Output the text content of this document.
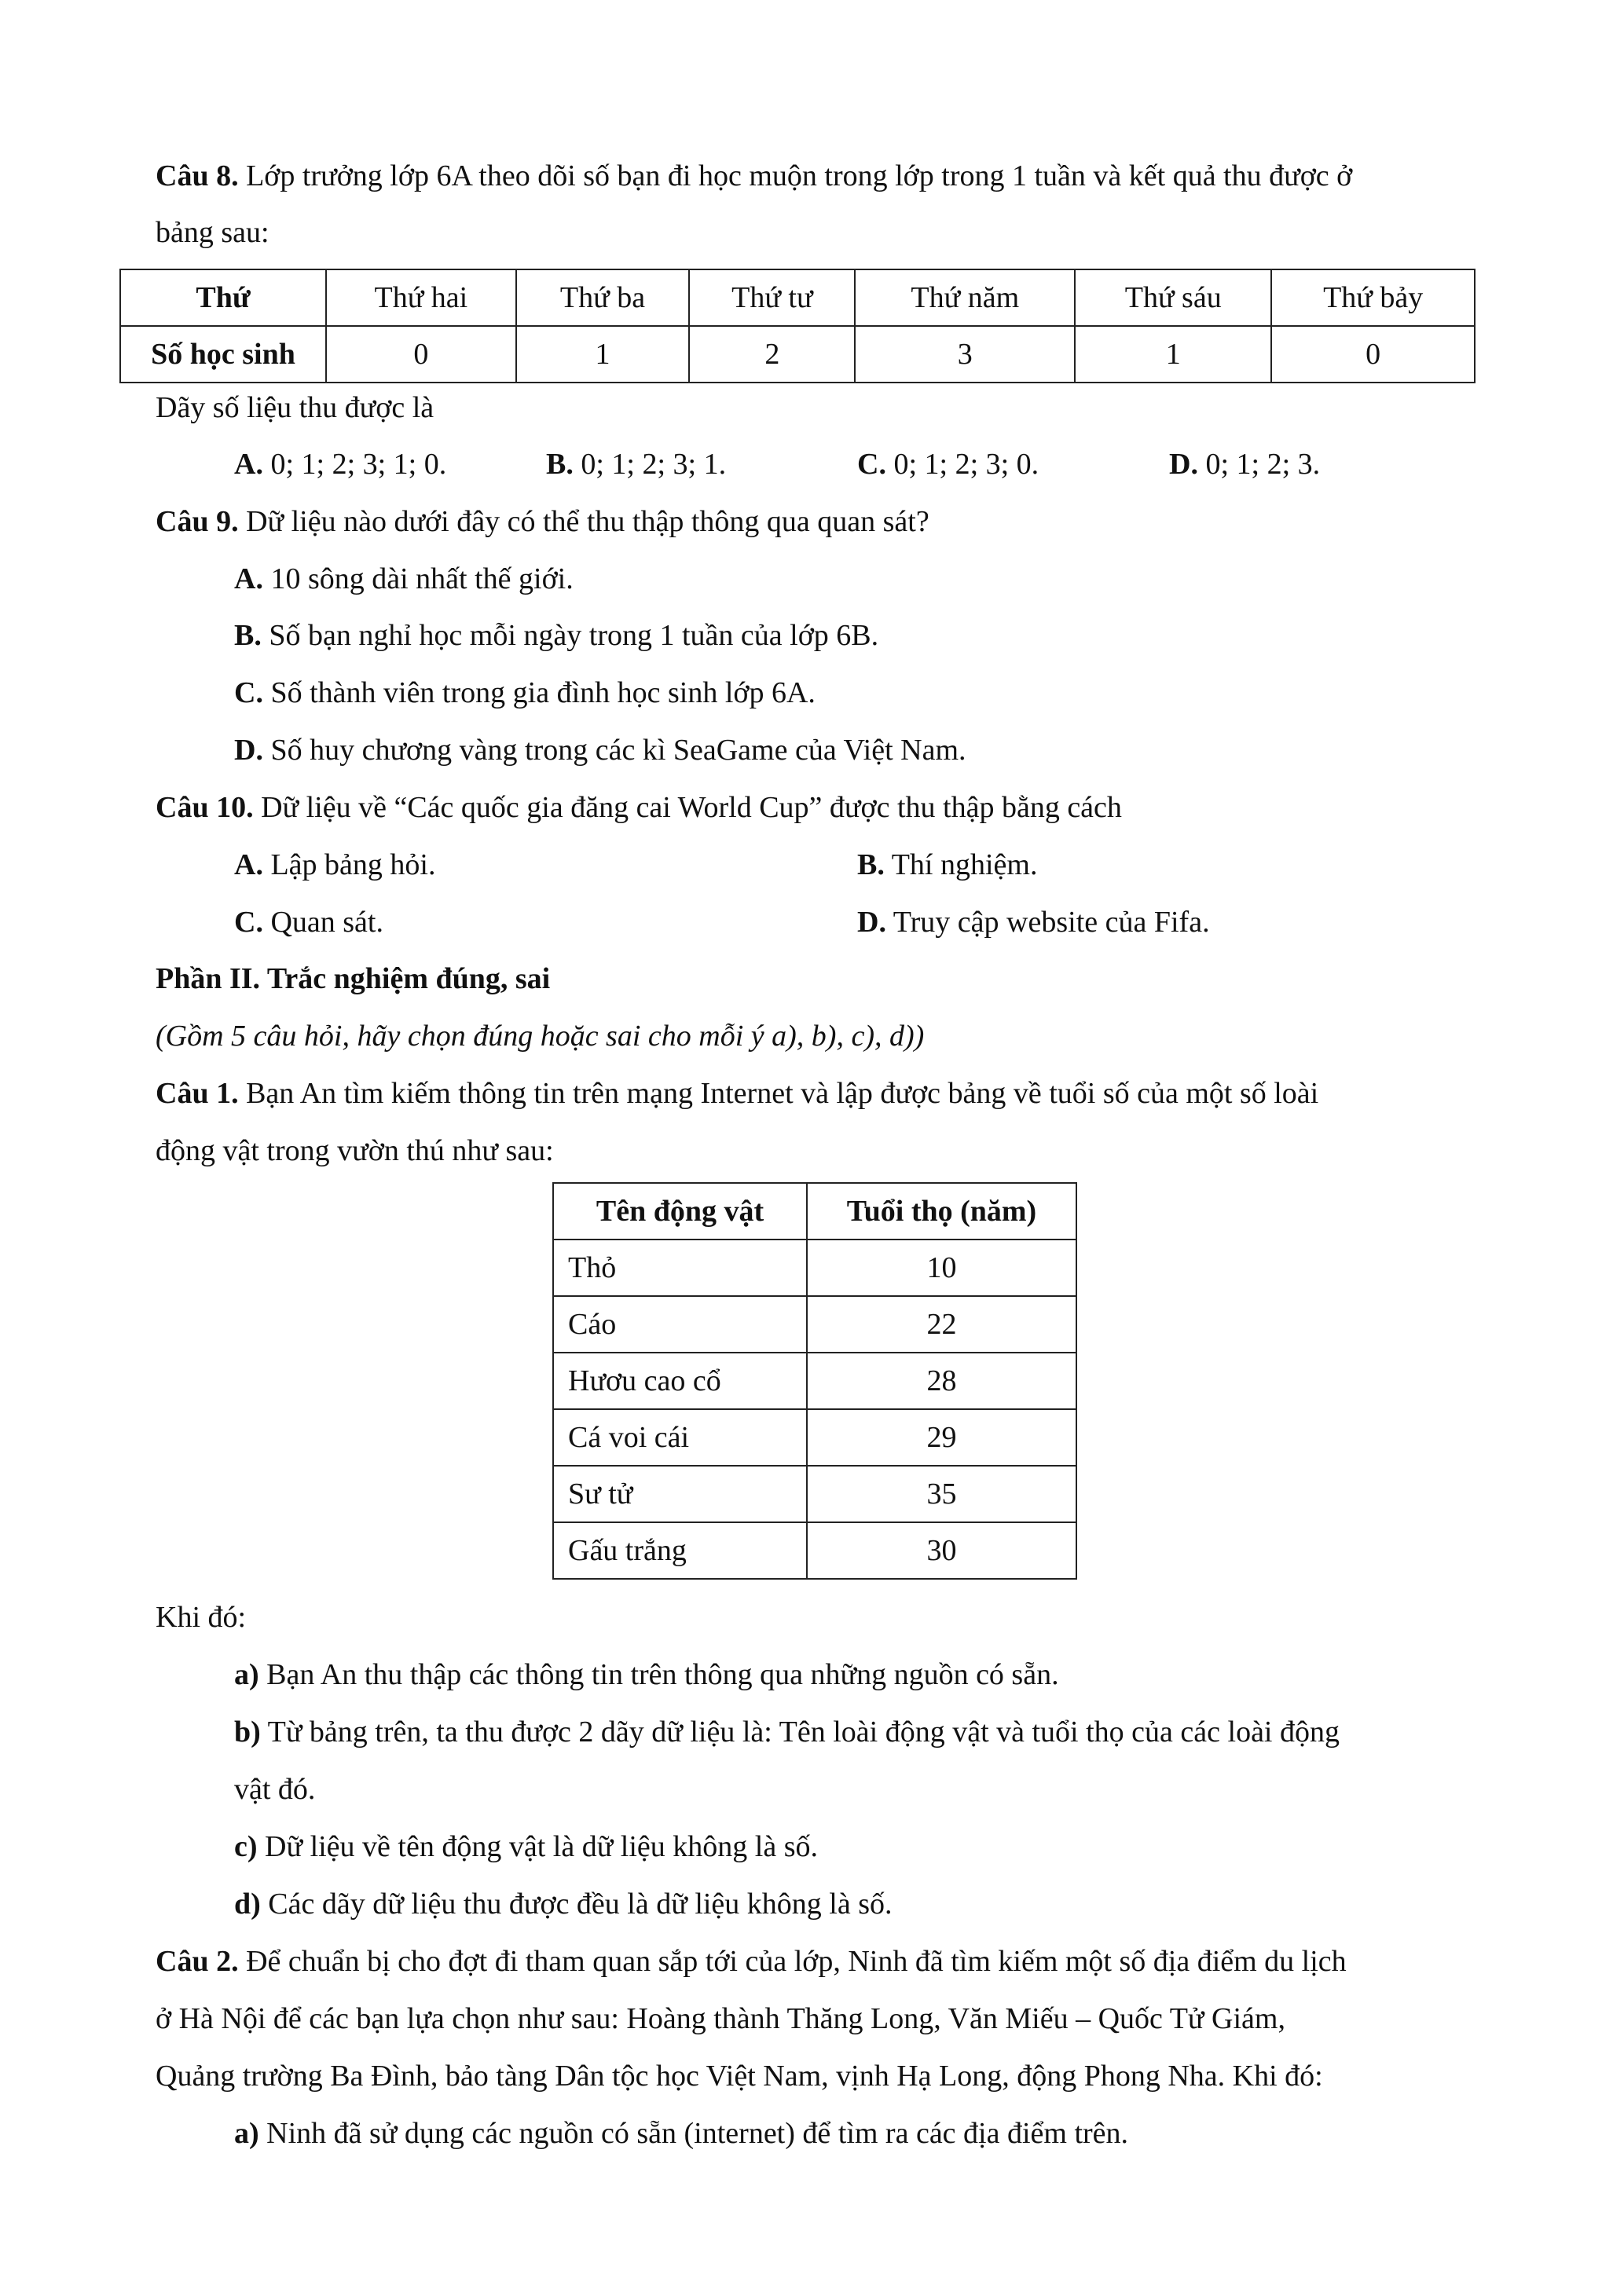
Câu 8. Lớp trưởng lớp 6A theo dõi số bạn đi học muộn trong lớp trong 1 tuần và kết quả thu được ở
bảng sau:
Thứ	Thứ hai	Thứ ba	Thứ tư	Thứ năm	Thứ sáu	Thứ bảy
Số học sinh	0	1	2	3	1	0
Dãy số liệu thu được là
A. 0; 1; 2; 3; 1; 0.	B. 0; 1; 2; 3; 1.	C. 0; 1; 2; 3; 0.	D. 0; 1; 2; 3.
Câu 9. Dữ liệu nào dưới đây có thể thu thập thông qua quan sát?
A. 10 sông dài nhất thế giới.
B. Số bạn nghỉ học mỗi ngày trong 1 tuần của lớp 6B.
C. Số thành viên trong gia đình học sinh lớp 6A.
D. Số huy chương vàng trong các kì SeaGame của Việt Nam.
Câu 10. Dữ liệu về “Các quốc gia đăng cai World Cup” được thu thập bằng cách
A. Lập bảng hỏi.	B. Thí nghiệm.
C. Quan sát.	D. Truy cập website của Fifa.
Phần II. Trắc nghiệm đúng, sai
(Gồm 5 câu hỏi, hãy chọn đúng hoặc sai cho mỗi ý a), b), c), d))
Câu 1. Bạn An tìm kiếm thông tin trên mạng Internet và lập được bảng về tuổi số của một số loài
động vật trong vườn thú như sau:
Tên động vật	Tuổi thọ (năm)
Thỏ	10
Cáo	22
Hươu cao cổ	28
Cá voi cái	29
Sư tử	35
Gấu trắng	30
Khi đó:
a) Bạn An thu thập các thông tin trên thông qua những nguồn có sẵn.
b) Từ bảng trên, ta thu được 2 dãy dữ liệu là: Tên loài động vật và tuổi thọ của các loài động
vật đó.
c) Dữ liệu về tên động vật là dữ liệu không là số.
d) Các dãy dữ liệu thu được đều là dữ liệu không là số.
Câu 2. Để chuẩn bị cho đợt đi tham quan sắp tới của lớp, Ninh đã tìm kiếm một số địa điểm du lịch
ở Hà Nội để các bạn lựa chọn như sau: Hoàng thành Thăng Long, Văn Miếu – Quốc Tử Giám,
Quảng trường Ba Đình, bảo tàng Dân tộc học Việt Nam, vịnh Hạ Long, động Phong Nha. Khi đó:
a) Ninh đã sử dụng các nguồn có sẵn (internet) để tìm ra các địa điểm trên.
